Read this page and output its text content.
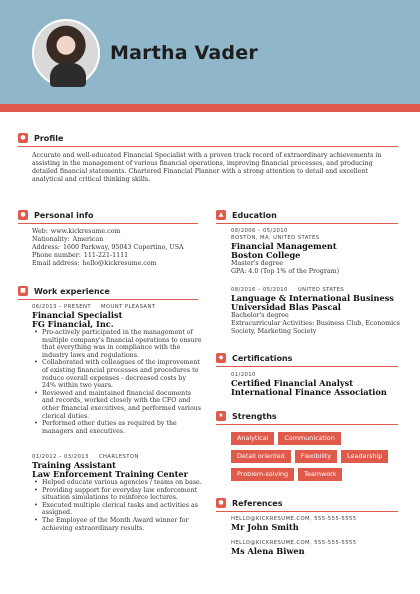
Martha Vader
● Profile
Accurate and well-educated Financial Specialist with a proven track record of extraordinary achievements in assisting in the management of various financial operations, improving financial processes, and producing detailed financial statements. Chartered Financial Planner with a strong attention to detail and excellent analytical and critical thinking skills.
● Personal info
Web: www.kickresume.com
Nationality: American
Address: 1600 Parkway, 95043 Cupertino, USA
Phone number: 111-221-1111
Email address: hello@kickresume.com
■ Work experience
06/2013 – PRESENT MOUNT PLEASANT
Financial Specialist
FG Financial, Inc.
• Pro-actively participated in the management of multiple company's financial operations to ensure that everything was in compliance with the industry laws and regulations.
• Collaborated with colleagues of the improvement of existing financial processes and procedures to reduce overall expenses - decreased costs by 24% within two years.
• Reviewed and maintained financial documents and records, worked closely with the CFO and other financial executives, and performed various clerical duties.
• Performed other duties as required by the managers and executives.
01/2012 – 03/2013 CHARLESTON
Training Assistant
Law Enforcement Training Center
• Helped educate various agencies / teams on base.
• Providing support for everyday law enforcement situation simulations to reinforce lectures.
• Executed multiple clerical tasks and activities as assigned.
• The Employee of the Month Award winner for achieving extraordinary results.
▲	Education
08/2006 – 05/2010
BOSTON, MA, UNITED STATES
Financial Management
Boston College
Master's degree
GPA: 4.0 (Top 1% of the Program)
08/2016 – 05/2010 UNITED STATES
Language & International Business
Universidad Blas Pascal
Bachelor's degree
Extracurricular Activities: Business Club, Economics Society, Marketing Society
◆	Certifications
01/2010
Certified Financial Analyst
International Finance Association
★ Strengths
Analytical	Communication
Detail oriented	Flexibility	Leadership
Problem-solving	Teamwork
● References
HELLO@KICKRESUME.COM, 555-555-5555
Mr John Smith
HELLO@KICKRESUME.COM, 555-555-5555
Ms Alena Biwen
